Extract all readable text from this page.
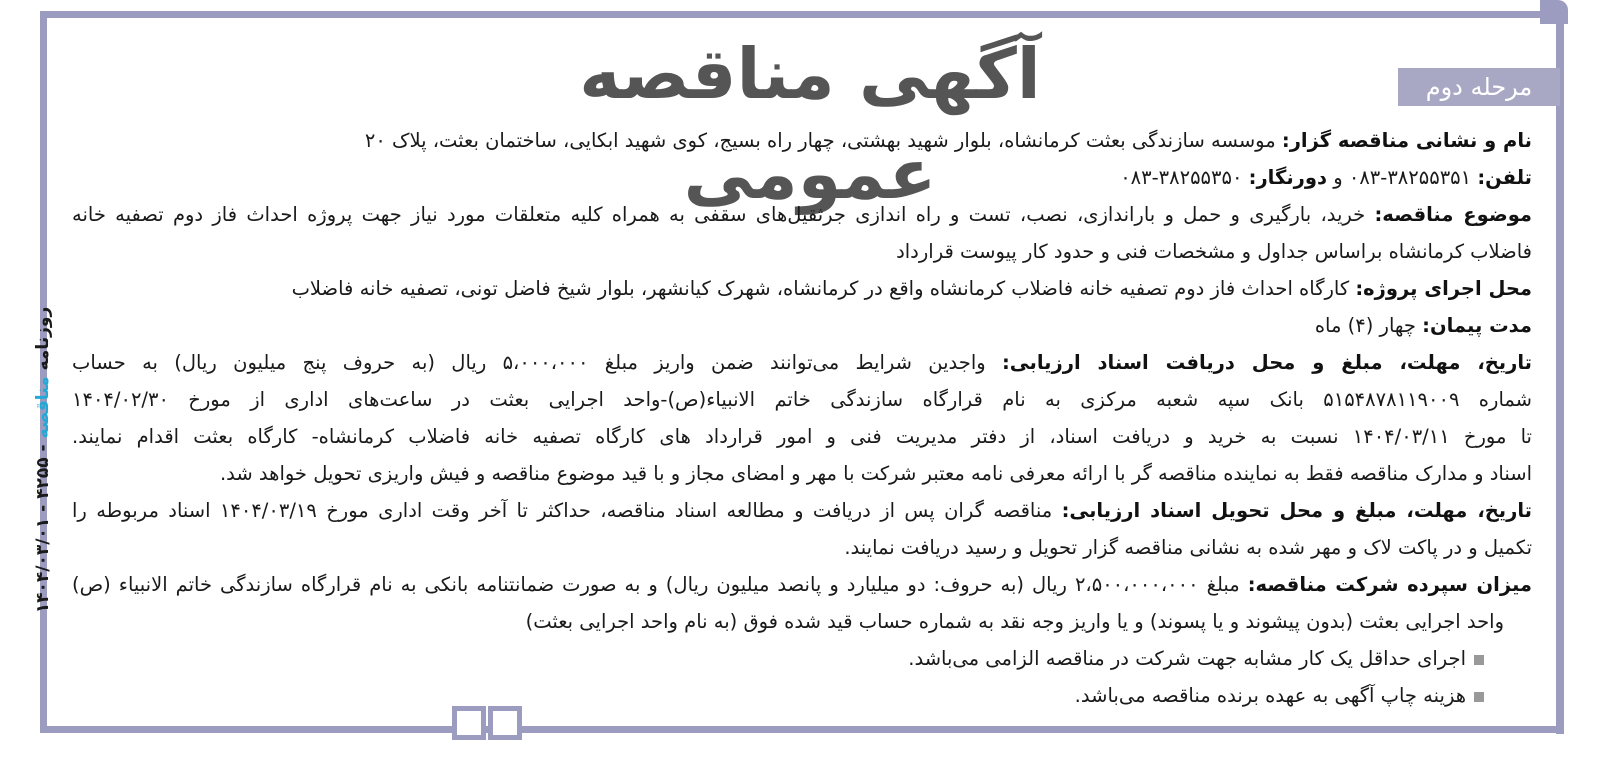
مرحله دوم
آگهی مناقصه عمومی
روزنامه مناقصه - ۴۲۵۵ - ۱۴۰۴/۰۳/۰۱
نام و نشانی مناقصه گزار: موسسه سازندگی بعثت کرمانشاه، بلوار شهید بهشتی، چهار راه بسیج، کوی شهید ابکایی، ساختمان بعثت، پلاک ۲۰
تلفن: ۳۸۲۵۵۳۵۱-۰۸۳ و دورنگار: ۳۸۲۵۵۳۵۰-۰۸۳
موضوع مناقصه: خرید، بارگیری و حمل و باراندازی، نصب، تست و راه اندازی جرثقیل‌های سقفی به همراه کلیه متعلقات مورد نیاز جهت پروژه احداث فاز دوم تصفیه خانه
فاضلاب کرمانشاه براساس جداول و مشخصات فنی و حدود کار پیوست قرارداد
محل اجرای پروژه: کارگاه احداث فاز دوم تصفیه خانه فاضلاب کرمانشاه واقع در کرمانشاه، شهرک کیانشهر، بلوار شیخ فاضل تونی، تصفیه خانه فاضلاب
مدت پیمان: چهار (۴) ماه
تاریخ، مهلت، مبلغ و محل دریافت اسناد ارزیابی: واجدین شرایط می‌توانند ضمن واریز مبلغ ۵،۰۰۰،۰۰۰ ریال (به حروف پنج میلیون ریال) به حساب
شماره ۵۱۵۴۸۷۸۱۱۹۰۰۹ بانک سپه شعبه مرکزی به نام قرارگاه سازندگی خاتم الانبیاء(ص)-واحد اجرایی بعثت در ساعت‌های اداری از مورخ ۱۴۰۴/۰۲/۳۰
تا مورخ ۱۴۰۴/۰۳/۱۱ نسبت به خرید و دریافت اسناد، از دفتر مدیریت فنی و امور قرارداد های کارگاه تصفیه خانه فاضلاب کرمانشاه- کارگاه بعثت اقدام نمایند.
اسناد و مدارک مناقصه فقط به نماینده مناقصه گر با ارائه معرفی نامه معتبر شرکت با مهر و امضای مجاز و با قید موضوع مناقصه و فیش واریزی تحویل خواهد شد.
تاریخ، مهلت، مبلغ و محل تحویل اسناد ارزیابی: مناقصه گران پس از دریافت و مطالعه اسناد مناقصه، حداکثر تا آخر وقت اداری مورخ ۱۴۰۴/۰۳/۱۹ اسناد مربوطه را
تکمیل و در پاکت لاک و مهر شده به نشانی مناقصه گزار تحویل و رسید دریافت نمایند.
میزان سپرده شرکت مناقصه: مبلغ ۲،۵۰۰،۰۰۰،۰۰۰ ریال (به حروف: دو میلیارد و پانصد میلیون ریال) و به صورت ضمانتنامه بانکی به نام قرارگاه سازندگی خاتم الانبیاء (ص)
واحد اجرایی بعثت (بدون پیشوند و یا پسوند) و یا واریز وجه نقد به شماره حساب قید شده فوق (به نام واحد اجرایی بعثت)
اجرای حداقل یک کار مشابه جهت شرکت در مناقصه الزامی می‌باشد.
هزینه چاپ آگهی به عهده برنده مناقصه می‌باشد.
